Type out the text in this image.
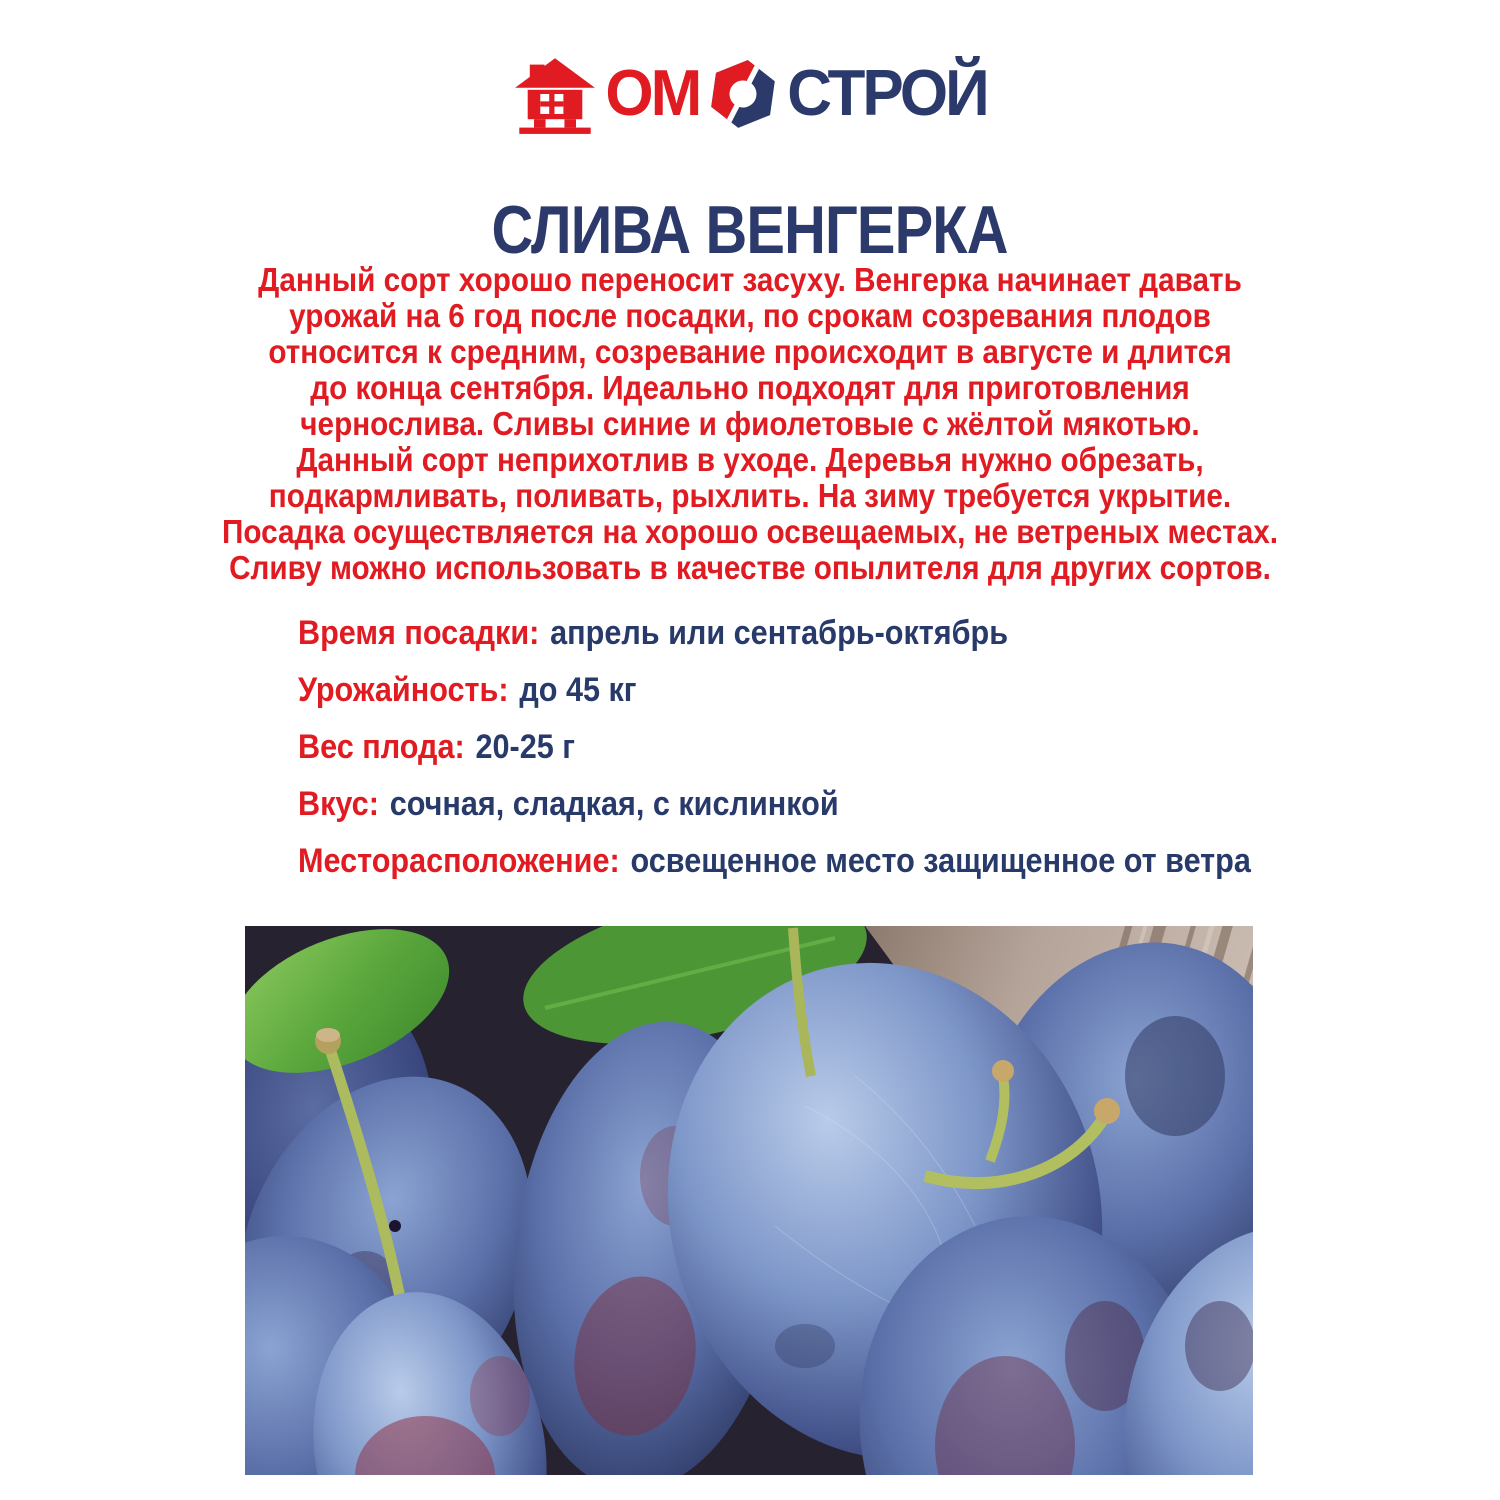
ОМ СТРОЙ
СЛИВА ВЕНГЕРКА
Данный сорт хорошо переносит засуху. Венгерка начинает давать
урожай на 6 год после посадки, по срокам созревания плодов
относится к средним, созревание происходит в августе и длится
до конца сентября. Идеально подходят для приготовления
чернослива. Сливы синие и фиолетовые с жёлтой мякотью.
Данный сорт неприхотлив в уходе. Деревья нужно обрезать,
подкармливать, поливать, рыхлить. На зиму требуется укрытие.
Посадка осуществляется на хорошо освещаемых, не ветреных местах.
Сливу можно использовать в качестве опылителя для других сортов.
Время посадки: апрель или сентабрь-октябрь
Урожайность: до 45 кг
Вес плода: 20-25 г
Вкус: сочная, сладкая, с кислинкой
Месторасположение: освещенное место защищенное от ветра
